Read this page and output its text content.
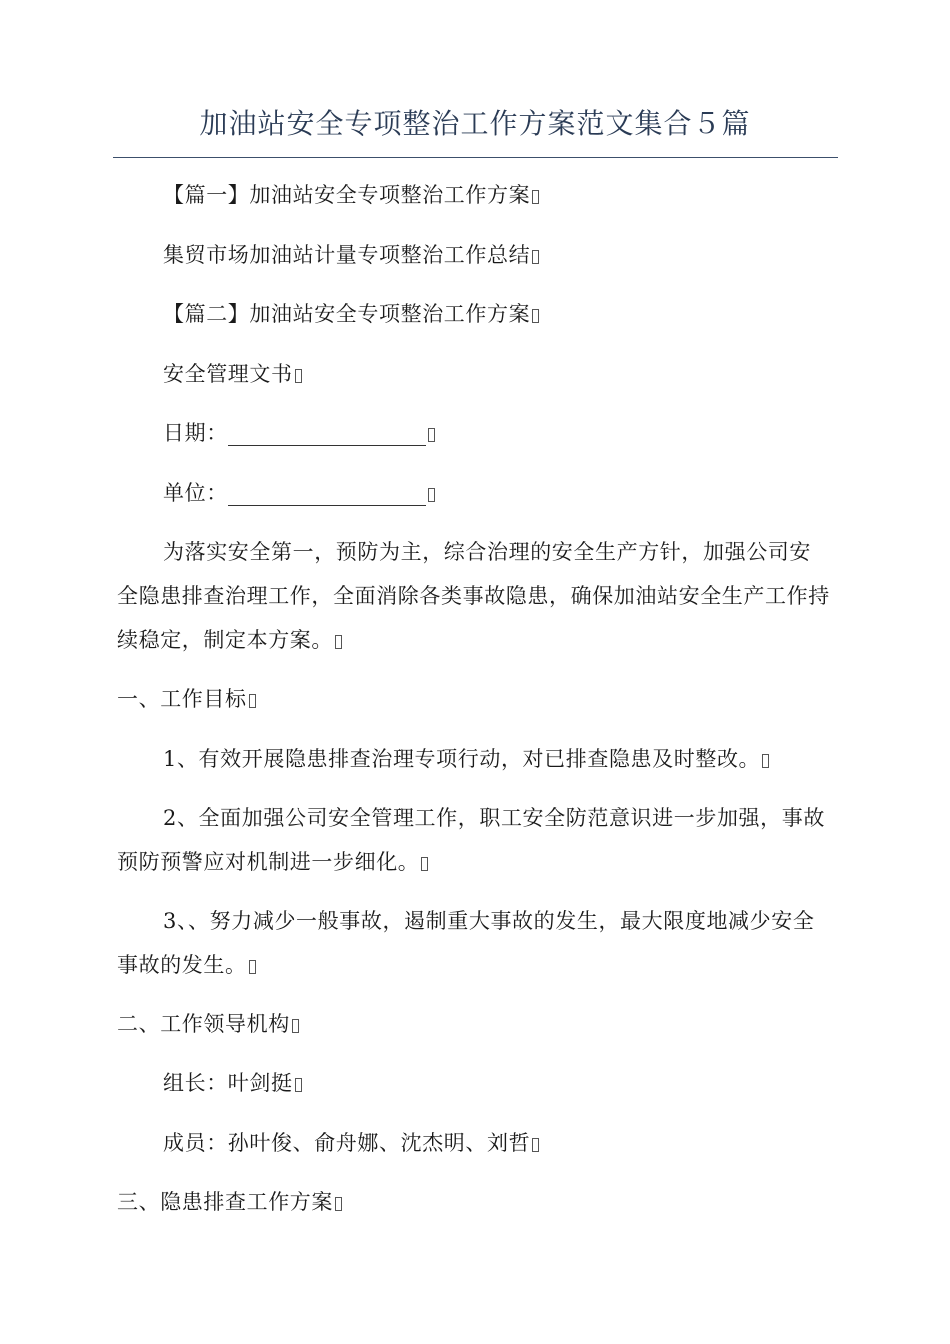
加油站安全专项整治工作方案范文集合５篇
【篇一】加油站安全专项整治工作方案
集贸市场加油站计量专项整治工作总结
【篇二】加油站安全专项整治工作方案
安全管理文书
日期：
单位：
为落实安全第一，预防为主，综合治理的安全生产方针，加强公司安全隐患排查治理工作，全面消除各类事故隐患，确保加油站安全生产工作持续稳定，制定本方案。
一、工作目标
1、有效开展隐患排查治理专项行动，对已排查隐患及时整改。
2、全面加强公司安全管理工作，职工安全防范意识进一步加强，事故预防预警应对机制进一步细化。
3、、努力减少一般事故，遏制重大事故的发生，最大限度地减少安全事故的发生。
二、工作领导机构
组长：叶剑挺
成员：孙叶俊、俞舟娜、沈杰明、刘哲
三、隐患排查工作方案
